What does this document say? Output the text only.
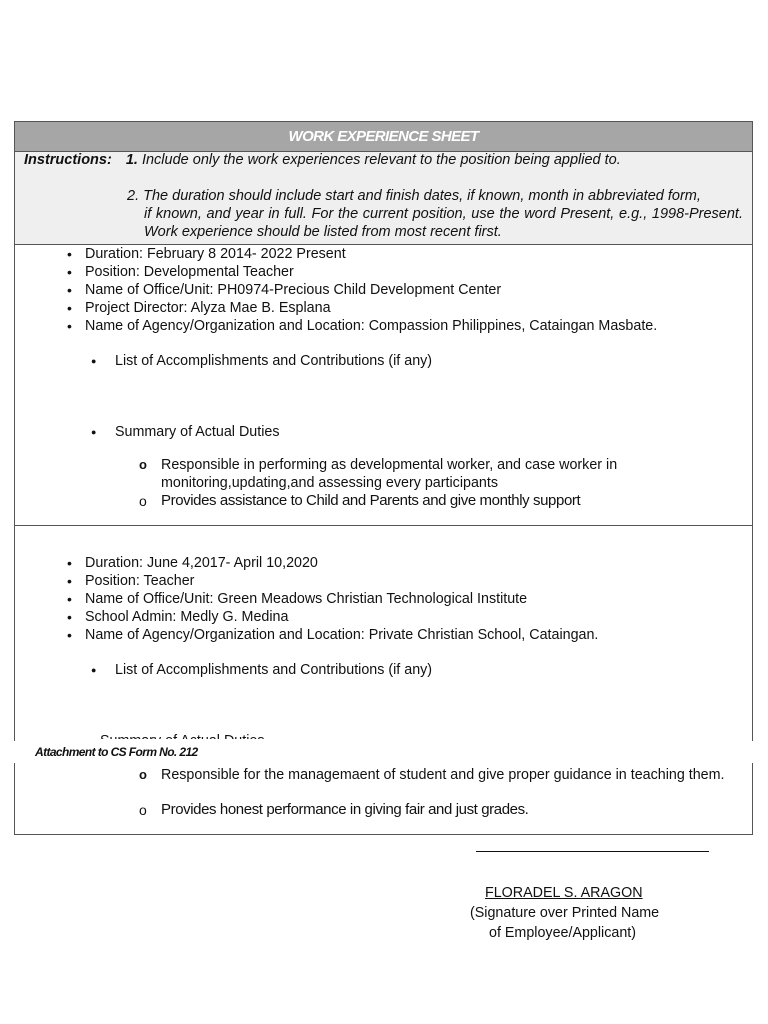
WORK EXPERIENCE SHEET
Instructions: 1. Include only the work experiences relevant to the position being applied to.
2. The duration should include start and finish dates, if known, month in abbreviated form,
if known, and year in full. For the current position, use the word Present, e.g., 1998-Present. Work experience should be listed from most recent first.
• Duration: February 8 2014- 2022 Present
• Position: Developmental Teacher
• Name of Office/Unit: PH0974-Precious Child Development Center
• Project Director: Alyza Mae B. Esplana
• Name of Agency/Organization and Location: Compassion Philippines, Cataingan Masbate.
● List of Accomplishments and Contributions (if any)
● Summary of Actual Duties
o Responsible in performing as developmental worker, and case worker in monitoring,updating,and assessing every participants
o Provides assistance to Child and Parents and give monthly support
• Duration: June 4,2017- April 10,2020
• Position: Teacher
• Name of Office/Unit: Green Meadows Christian Technological Institute
• School Admin: Medly G. Medina
• Name of Agency/Organization and Location: Private Christian School, Cataingan.
● List of Accomplishments and Contributions (if any)
o Responsible for the managemaent of student and give proper guidance in teaching them.
o Provides honest performance in giving fair and just grades.
Attachment to CS Form No. 212
FLORADEL S. ARAGON
(Signature over Printed Name
of Employee/Applicant)
